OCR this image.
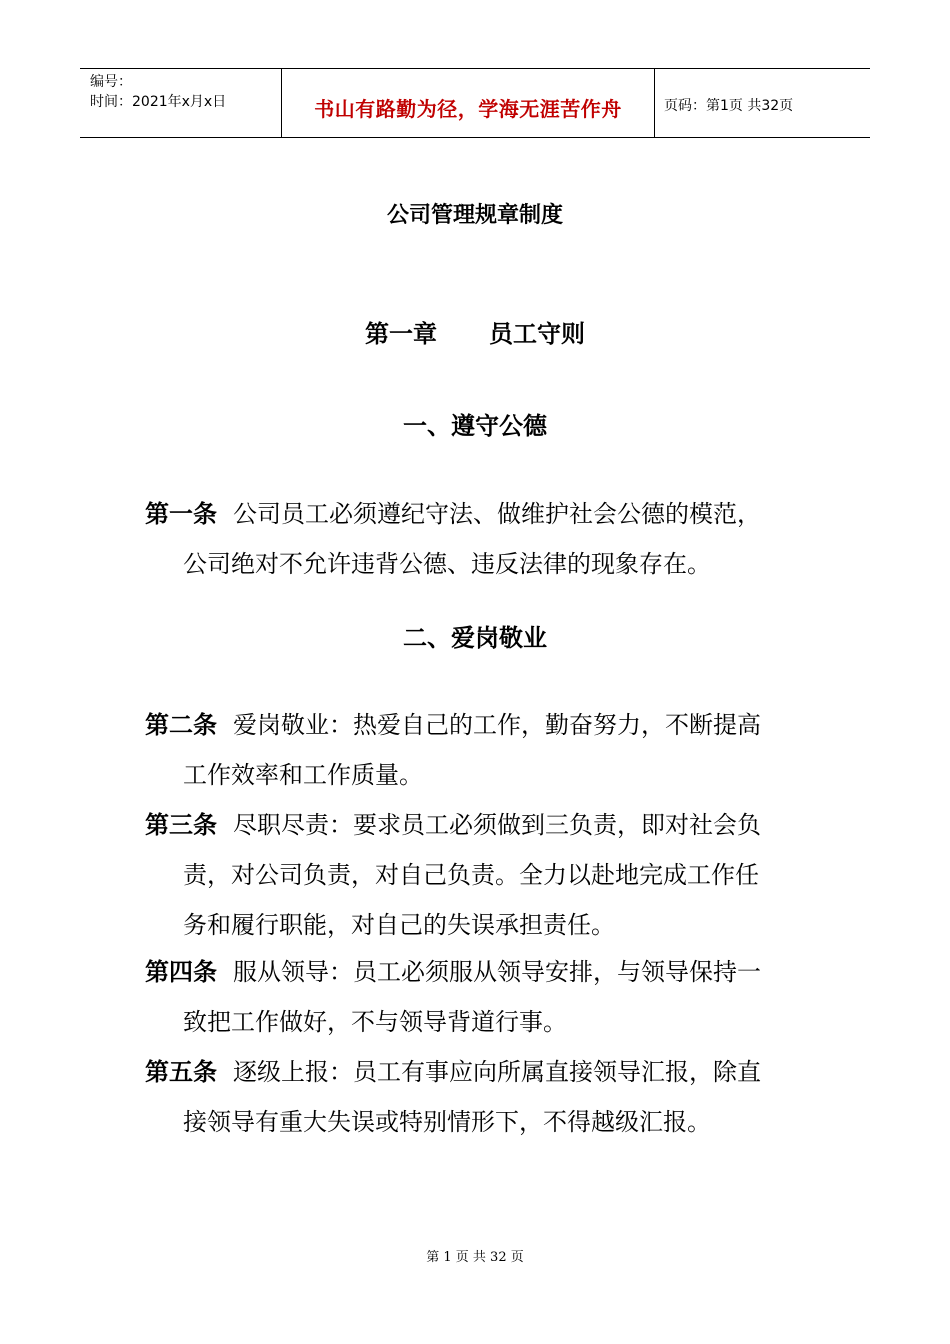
编号：
时间：2021年x月x日	书山有路勤为径，学海无涯苦作舟	页码：第1页 共32页
公司管理规章制度
第一章 员工守则
一、遵守公德
第一条 公司员工必须遵纪守法、做维护社会公德的模范，
公司绝对不允许违背公德、违反法律的现象存在。
二、爱岗敬业
第二条 爱岗敬业：热爱自己的工作，勤奋努力，不断提高
工作效率和工作质量。
第三条 尽职尽责：要求员工必须做到三负责，即对社会负
责，对公司负责，对自己负责。全力以赴地完成工作任
务和履行职能，对自己的失误承担责任。
第四条 服从领导：员工必须服从领导安排，与领导保持一
致把工作做好，不与领导背道行事。
第五条 逐级上报：员工有事应向所属直接领导汇报，除直
接领导有重大失误或特别情形下，不得越级汇报。
第 1 页 共 32 页
